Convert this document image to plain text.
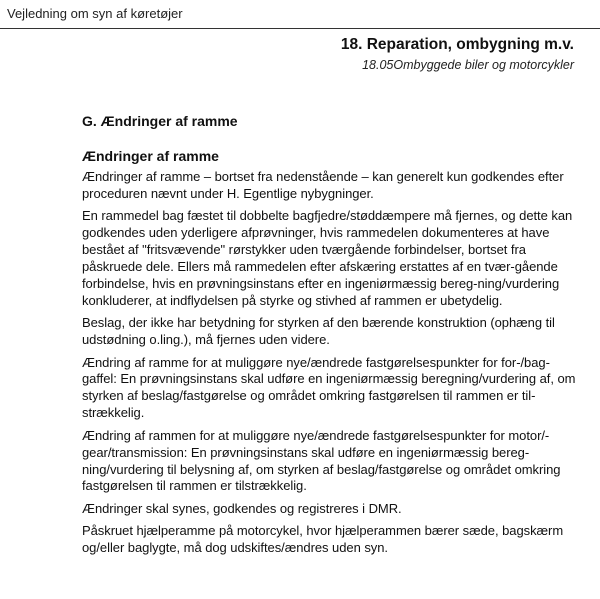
Vejledning om syn af køretøjer
18. Reparation, ombygning m.v.
18.05Ombyggede biler og motorcykler
G. Ændringer af ramme
Ændringer af ramme

Ændringer af ramme – bortset fra nedenstående – kan generelt kun godkendes efter proceduren nævnt under H. Egentlige nybygninger.

En rammedel bag fæstet til dobbelte bagfjedre/støddæmpere må fjernes, og dette kan godkendes uden yderligere afprøvninger, hvis rammedelen dokumenteres at have bestået af "fritsvævende" rørstykker uden tværgående forbindelser, bortset fra påskruede dele. Ellers må rammedelen efter afskæring erstattes af en tvær-gående forbindelse, hvis en prøvningsinstans efter en ingeniørmæssig bereg-ning/vurdering konkluderer, at indflydelsen på styrke og stivhed af rammen er ubetydelig.

Beslag, der ikke har betydning for styrken af den bærende konstruktion (ophæng til udstødning o.ling.), må fjernes uden videre.

Ændring af ramme for at muliggøre nye/ændrede fastgørelsespunkter for for-/bag-gaffel: En prøvningsinstans skal udføre en ingeniørmæssig beregning/vurdering af, om styrken af beslag/fastgørelse og området omkring fastgørelsen til rammen er til-strækkelig.

Ændring af rammen for at muliggøre nye/ændrede fastgørelsespunkter for motor/-gear/transmission: En prøvningsinstans skal udføre en ingeniørmæssig bereg-ning/vurdering til belysning af, om styrken af beslag/fastgørelse og området omkring fastgørelsen til rammen er tilstrækkelig.

Ændringer skal synes, godkendes og registreres i DMR.

Påskruet hjælperamme på motorcykel, hvor hjælperammen bærer sæde, bagskærm og/eller baglygte, må dog udskiftes/ændres uden syn.
